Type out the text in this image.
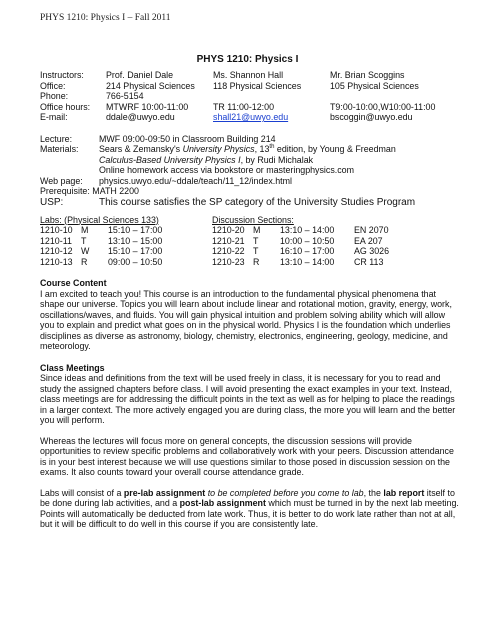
PHYS 1210: Physics I – Fall 2011
PHYS 1210: Physics I
Instructors:	Prof. Daniel Dale	Ms. Shannon Hall	Mr. Brian Scoggins
Office:	214 Physical Sciences	118 Physical Sciences	105 Physical Sciences
Phone:	766-5154
Office hours:	MTWRF 10:00-11:00	TR 11:00-12:00	T9:00-10:00,W10:00-11:00
E-mail:	ddale@uwyo.edu	shall21@uwyo.edu	bscoggin@uwyo.edu
Lecture:	MWF 09:00-09:50 in Classroom Building 214
Materials: Sears & Zemansky's University Physics, 13th edition, by Young & Freedman
Calculus-Based University Physics I, by Rudi Michalak
Online homework access via bookstore or masteringphysics.com
Web page: physics.uwyo.edu/~ddale/teach/11_12/index.html
Prerequisite: MATH 2200
USP:	This course satisfies the SP category of the University Studies Program
Labs: (Physical Sciences 133)
1210-10 M	15:10 – 17:00
1210-11	T	13:10 – 15:00
1210-12 W	15:10 – 17:00
1210-13 R	09:00 – 10:50
Discussion Sections:
1210-20 M	13:10 – 14:00	EN 2070
1210-21 T	10:00 – 10:50	EA 207
1210-22 T	16:10 – 17:00	AG 3026
1210-23 R	13:10 – 14:00	CR 113
Course Content

I am excited to teach you! This course is an introduction to the fundamental physical phenomena that shape our universe. Topics you will learn about include linear and rotational motion, gravity, energy, work, oscillations/waves, and fluids. You will gain physical intuition and problem solving ability which will allow you to explain and predict what goes on in the physical world. Physics I is the foundation which underlies disciplines as diverse as astronomy, biology, chemistry, electronics, engineering, geology, medicine, and meteorology.

Class Meetings

Since ideas and definitions from the text will be used freely in class, it is necessary for you to read and study the assigned chapters before class. I will avoid presenting the exact examples in your text. Instead, class meetings are for addressing the difficult points in the text as well as for helping to place the readings in a larger context. The more actively engaged you are during class, the more you will learn and the better you will perform.

Whereas the lectures will focus more on general concepts, the discussion sessions will provide opportunities to review specific problems and collaboratively work with your peers. Discussion attendance is in your best interest because we will use questions similar to those posed in discussion session on the exams. It also counts toward your overall course attendance grade.

Labs will consist of a pre-lab assignment to be completed before you come to lab, the lab report itself to be done during lab activities, and a post-lab assignment which must be turned in by the next lab meeting. Points will automatically be deducted from late work. Thus, it is better to do work late rather than not at all, but it will be difficult to do well in this course if you are consistently late.
